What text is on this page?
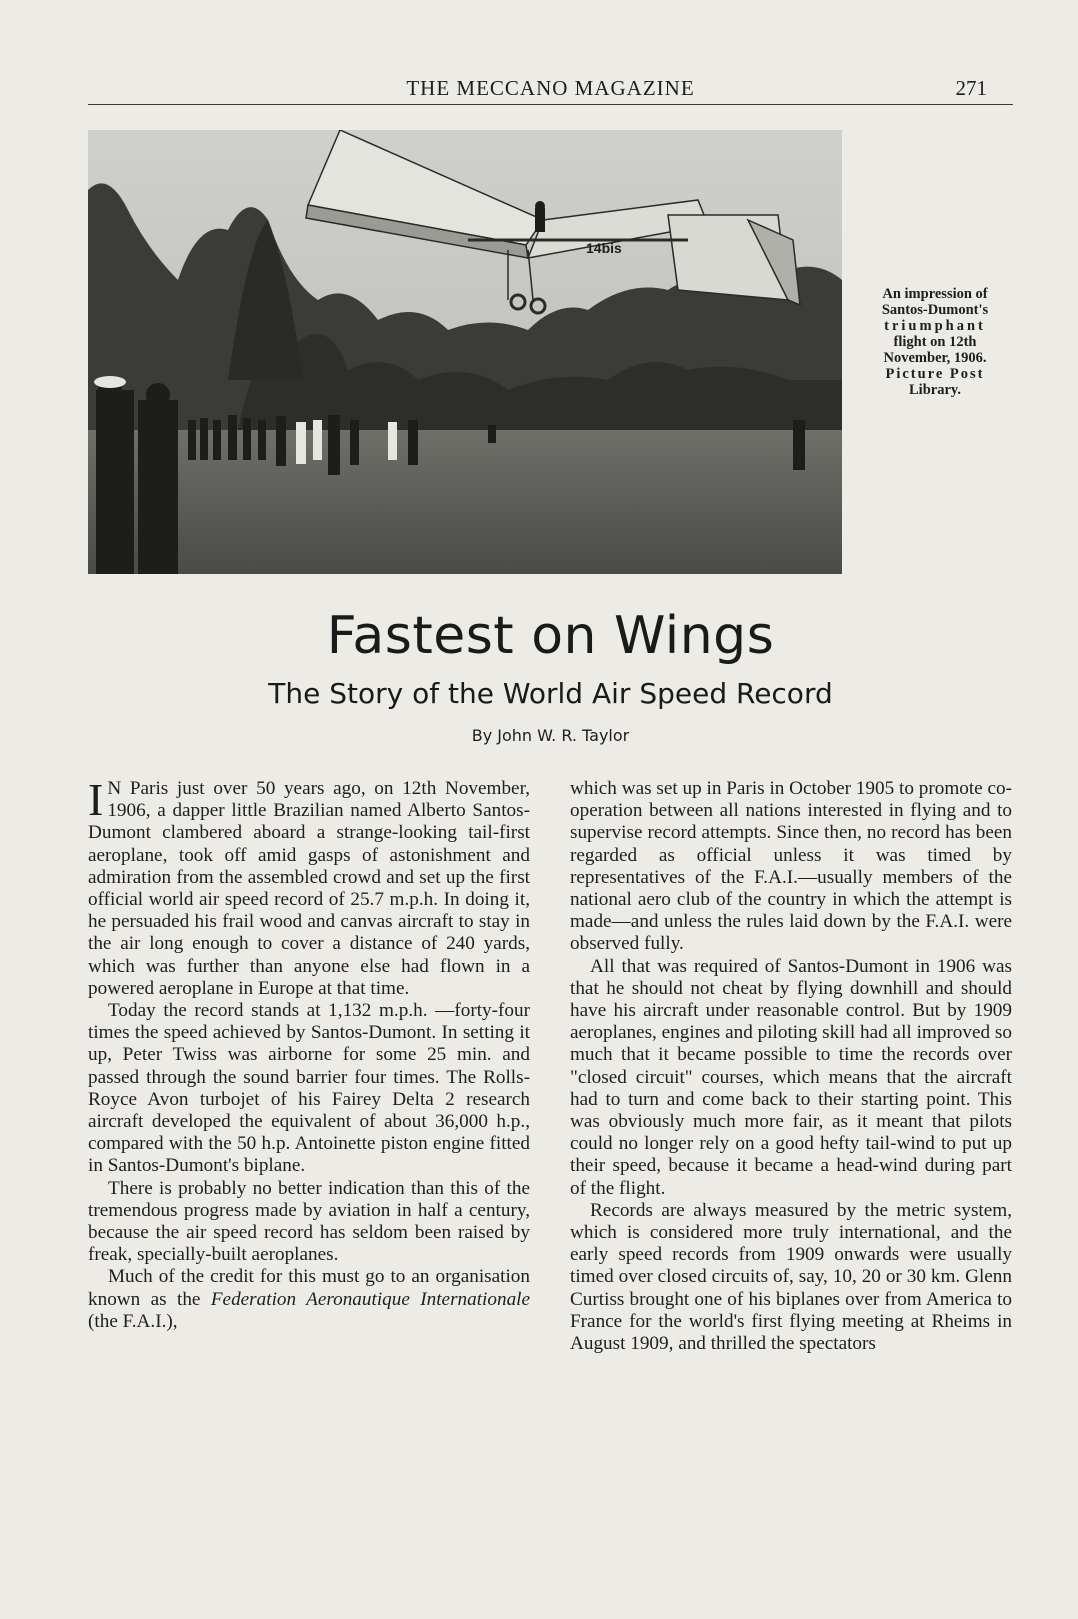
THE MECCANO MAGAZINE	271
14bis
An impression of
Santos-Dumont's
triumphant
flight on 12th
November, 1906.
Picture Post
Library.
Fastest on Wings
The Story of the World Air Speed Record
By John W. R. Taylor

I N Paris just over 50 years ago, on 12th November, 1906, a dapper little Brazilian named Alberto Santos-Dumont clambered aboard a strange-looking tail-first aeroplane, took off amid gasps of astonishment and admiration from the assembled crowd and set up the first official world air speed record of 25.7 m.p.h. In doing it, he persuaded his frail wood and canvas aircraft to stay in the air long enough to cover a distance of 240 yards, which was further than anyone else had flown in a powered aeroplane in Europe at that time.

Today the record stands at 1,132 m.p.h. —forty-four times the speed achieved by Santos-Dumont. In setting it up, Peter Twiss was airborne for some 25 min. and passed through the sound barrier four times. The Rolls-Royce Avon turbojet of his Fairey Delta 2 research aircraft developed the equivalent of about 36,000 h.p., compared with the 50 h.p. Antoinette piston engine fitted in Santos-Dumont's biplane.

There is probably no better indication than this of the tremendous progress made by aviation in half a century, because the air speed record has seldom been raised by freak, specially-built aeroplanes.

Much of the credit for this must go to an organisation known as the Federation Aeronautique Internationale (the F.A.I.),

which was set up in Paris in October 1905 to promote co-operation between all nations interested in flying and to supervise record attempts. Since then, no record has been regarded as official unless it was timed by representatives of the F.A.I.—usually members of the national aero club of the country in which the attempt is made—and unless the rules laid down by the F.A.I. were observed fully.

All that was required of Santos-Dumont in 1906 was that he should not cheat by flying downhill and should have his aircraft under reasonable control. But by 1909 aeroplanes, engines and piloting skill had all improved so much that it became possible to time the records over "closed circuit" courses, which means that the aircraft had to turn and come back to their starting point. This was obviously much more fair, as it meant that pilots could no longer rely on a good hefty tail-wind to put up their speed, because it became a head-wind during part of the flight.

Records are always measured by the metric system, which is considered more truly international, and the early speed records from 1909 onwards were usually timed over closed circuits of, say, 10, 20 or 30 km. Glenn Curtiss brought one of his biplanes over from America to France for the world's first flying meeting at Rheims in August 1909, and thrilled the spectators
